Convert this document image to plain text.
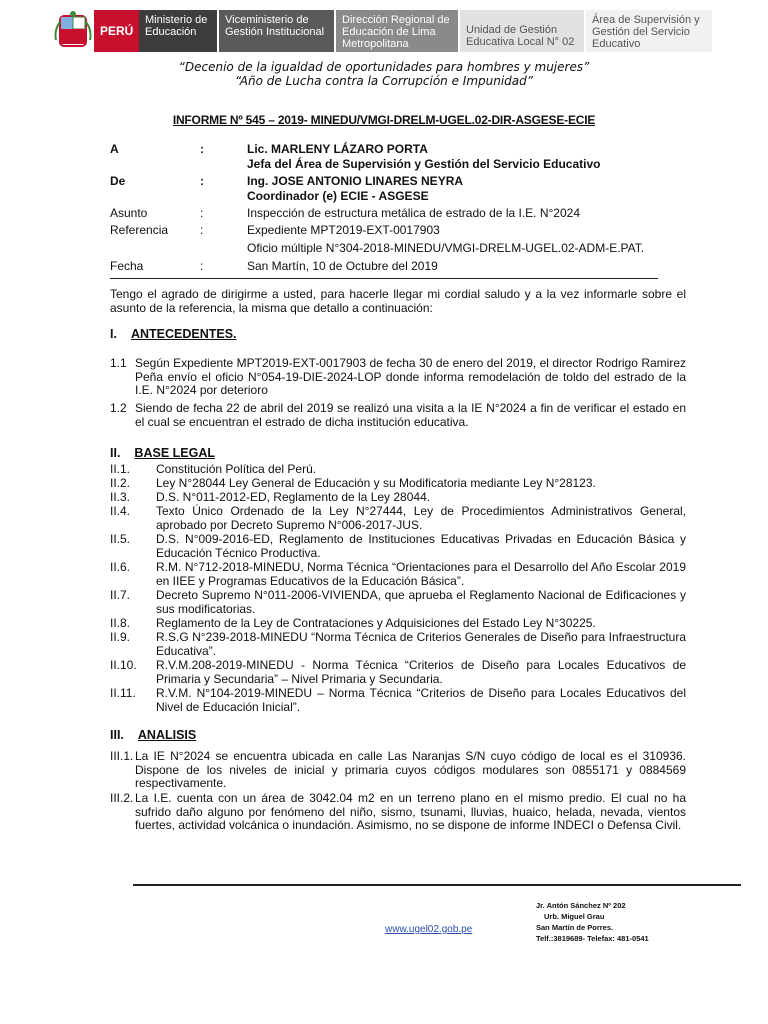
PERÚ
Ministerio de Educación
Viceministerio de Gestión Institucional
Dirección Regional de Educación de Lima Metropolitana
Unidad de Gestión Educativa Local N° 02
Área de Supervisión y Gestión del Servicio Educativo
“Decenio de la igualdad de oportunidades para hombres y mujeres”
“Año de Lucha contra la Corrupción e Impunidad”
INFORME Nº 545 – 2019- MINEDU/VMGI-DRELM-UGEL.02-DIR-ASGESE-ECIE
A	:	Lic. MARLENY LÁZARO PORTA
Jefa del Área de Supervisión y Gestión del Servicio Educativo
De	:	Ing. JOSE ANTONIO LINARES NEYRA
Coordinador (e) ECIE - ASGESE
Asunto	:	Inspección de estructura metálica de estrado de la I.E. N°2024
Referencia	:	Expediente MPT2019-EXT-0017903
Oficio múltiple N°304-2018-MINEDU/VMGI-DRELM-UGEL.02-ADM-E.PAT.
Fecha	:	San Martín, 10 de Octubre del 2019
Tengo el agrado de dirigirme a usted, para hacerle llegar mi cordial saludo y a la vez informarle sobre el asunto de la referencia, la misma que detallo a continuación:
I. ANTECEDENTES.
1.1 Según Expediente MPT2019-EXT-0017903 de fecha 30 de enero del 2019, el director Rodrigo Ramirez Peña envío el oficio N°054-19-DIE-2024-LOP donde informa remodelación de toldo del estrado de la I.E. N°2024 por deterioro
1.2 Siendo de fecha 22 de abril del 2019 se realizó una visita a la IE N°2024 a fin de verificar el estado en el cual se encuentran el estrado de dicha institución educativa.
II. BASE LEGAL
II.1. Constitución Política del Perú.
II.2. Ley N°28044 Ley General de Educación y su Modificatoria mediante Ley N°28123.
II.3. D.S. N°011-2012-ED, Reglamento de la Ley 28044.
II.4. Texto Único Ordenado de la Ley N°27444, Ley de Procedimientos Administrativos General, aprobado por Decreto Supremo N°006-2017-JUS.
II.5. D.S. N°009-2016-ED, Reglamento de Instituciones Educativas Privadas en Educación Básica y Educación Técnico Productiva.
II.6. R.M. N°712-2018-MINEDU, Norma Técnica “Orientaciones para el Desarrollo del Año Escolar 2019 en IIEE y Programas Educativos de la Educación Básica”.
II.7. Decreto Supremo N°011-2006-VIVIENDA, que aprueba el Reglamento Nacional de Edificaciones y sus modificatorias.
II.8. Reglamento de la Ley de Contrataciones y Adquisiciones del Estado Ley N°30225.
II.9. R.S.G N°239-2018-MINEDU “Norma Técnica de Criterios Generales de Diseño para Infraestructura Educativa”.
II.10. R.V.M.208-2019-MINEDU - Norma Técnica “Criterios de Diseño para Locales Educativos de Primaria y Secundaria” – Nivel Primaria y Secundaria.
II.11. R.V.M. N°104-2019-MINEDU – Norma Técnica “Criterios de Diseño para Locales Educativos del Nivel de Educación Inicial”.
III. ANALISIS
III.1. La IE N°2024 se encuentra ubicada en calle Las Naranjas S/N cuyo código de local es el 310936. Dispone de los niveles de inicial y primaria cuyos códigos modulares son 0855171 y 0884569 respectivamente.
III.2. La I.E. cuenta con un área de 3042.04 m2 en un terreno plano en el mismo predio. El cual no ha sufrido daño alguno por fenómeno del niño, sismo, tsunami, lluvias, huaico, helada, nevada, vientos fuertes, actividad volcánica o inundación. Asimismo, no se dispone de informe INDECI o Defensa Civil.
www.ugel02.gob.pe
Jr. Antón Sánchez Nº 202
Urb. Miguel Grau
San Martín de Porres.
Telf.:3819689- Telefax: 481-0541
